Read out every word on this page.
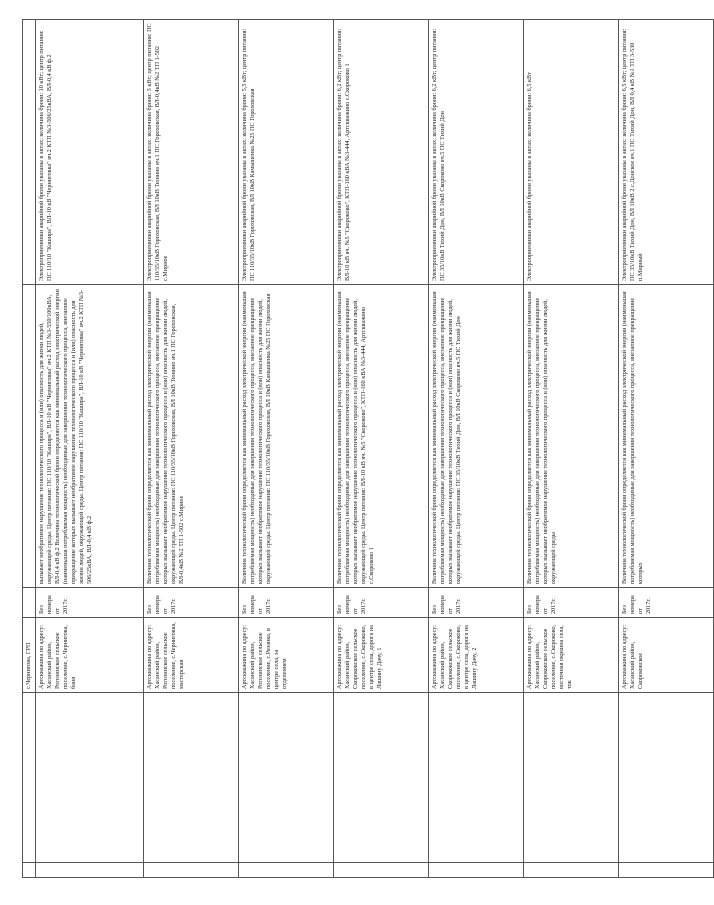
		с.Чернигова, ГРП			
		Артскважина по адресу: Хасанский район, Рогозинское сельское поселение, с.Чернигова, баня	Без номера от 2017г.	вызывает необратимое нарушение технологического процесса и (или) опасность для жизни людей, окружающей среды. Центр питания: ПС 110/10 "Кашира", ВЛ-10 кВ "Черниговка" яч.2 КТП №3-550/100кВА, ВЛ-0,4 кВ ф.2 Величина технологической брони определяется как минимальный расход электрической энергии (наименьшая потребляемая мощность) необходимые для завершения технологического процесса, внезапное прекращение которых вызывает необратимое нарушение технологического процесса и (или) опасность для жизни людей, окружающей среды. Центр питания: ПС 110/10 "Кашира", ВЛ-10 кВ "Черниговка" яч.2 КТП №3-506/25кВА, ВЛ-0,4 кВ ф.2	Электроприемники аварийной брони указаны в актах: величина брони: 10 кВт; центр питания: ПС 110/10 "Кашира", ВЛ-10 кВ "Черниговка" яч.2 КТП №3-506/25кВА, ВЛ-0,4 кВ ф.2
		Артскважина по адресу: Хасанский район, Рогозинское сельское поселение, с.Черниговка, мастерская	Без номера от 2017г.	Величина технологической брони определяется как минимальный расход электрической энергии (наименьшая потребляемая мощность) необходимые для завершения технологического процесса, внезапное прекращение которых вызывает необратимое нарушение технологического процесса и (или) опасность для жизни людей, окружающей среды. Центр питания: ПС 110/35/10кВ Гороховская, ВЛ 10кВ Тюнино яч.1 ПС Гороховская, ВЛ-0,4кВ №2 ТП 1-502 с.Мирное	Электроприемники аварийной брони указаны в актах: величина брони: 3 кВт; центр питания: ПС 110/35/10кВ Гороховская, ВЛ 10кВ Тюнино яч.1 ПС Гороховская, ВЛ-0,4кВ №2 ТП 1-502 с.Мирное
		Артскважина по адресу: Хасанский район, Рогозинское сельское поселение, с.Рязанка, в центре села, за отделением	Без номера от 2017г.	Величина технологической брони определяется как минимальный расход электрической энергии (наименьшая потребляемая мощность) необходимые для завершения технологического процесса, внезапное прекращение которых вызывает необратимое нарушение технологического процесса и (или) опасность для жизни людей, окружающей среды. Центр питания: ПС 110/35/10кВ Гороховская, ВЛ 10кВ Камышенка №25 ПС Гороховская	Электроприемники аварийной брони указаны в актах: величина брони: 5,5 кВт; центр питания: ПС 110/35/10кВ Гороховская, ВЛ 10кВ Камышенка №25 ПС Гороховская
		Артскважина по адресу: Хасанский район, Скороковское сельское поселение, с.Скороково, в центре села, дорога на Лашину Дачу, 1	Без номера от 2017г.	Величина технологической брони определяется как минимальный расход электрической энергии (наименьшая потребляемая мощность) необходимые для завершения технологического процесса, внезапное прекращение которых вызывает необратимое нарушение технологического процесса и (или) опасность для жизни людей, окружающей среды. Центр питания: ВЛ-10 кВ яч. №5 "Скороково", КТП-160 кВА №3-444, Артскважино с.Скороково 1	Электроприемники аварийной брони указаны в актах: величина брони: 6,2 кВт; центр питания: ВЛ-10 кВ яч. №5 "Скороково", КТП-160 кВА №3-444, Артскважино с.Скороково 1
		Артскважина по адресу: Хасанский район, Скороковское сельское поселение, с.Скороково, в центре села, дорога на Лашину Дачу, 2	Без номера от 2017г.	Величина технологической брони определяется как минимальный расход электрической энергии (наименьшая потребляемая мощность) необходимые для завершения технологического процесса, внезапное прекращение которых вызывает необратимое нарушение технологического процесса и (или) опасность для жизни людей, окружающей среды. Центр питания: ПС 35/10кВ Тихий Дон, ВЛ 10кВ Скороково яч.5 ПС Тихий Дон	Электроприемники аварийной брони указаны в актах: величина брони: 6,2 кВт; центр питания: ПС 35/10кВ Тихий Дон, ВЛ 10кВ Скороково яч.5 ПС Тихий Дон
		Артскважина по адресу: Хасанский район, Скороковское сельское поселение, с.Скороково, восточная окраина села, ток	Без номера от 2017г.	Величина технологической брони определяется как минимальный расход электрической энергии (наименьшая потребляемая мощность) необходимые для завершения технологического процесса, внезапное прекращение которых вызывает необратимое нарушение технологического процесса и (или) опасность для жизни людей, окружающей среды	Электроприемники аварийной брони указаны в актах: величина брони: 6,5 кВт
		Артскважина по адресу: Хасанский район, Скороковское	Без номера от 2017г.	Величина технологической брони определяется как минимальный расход электрической энергии (наименьшая потребляемая мощность) необходимые для завершения технологического процесса, внезапное прекращение которых	Электроприемники аварийной брони указаны в актах: величина брони: 6,5 кВт; центр питания: ПС 35/10кВ Тихий Дон, ВЛ 10кВ 2 с.Донское яч.1 ПС Тихий Дон, ВЛ 0,4 кВ №1 ТП 3-530 п.Мирный
